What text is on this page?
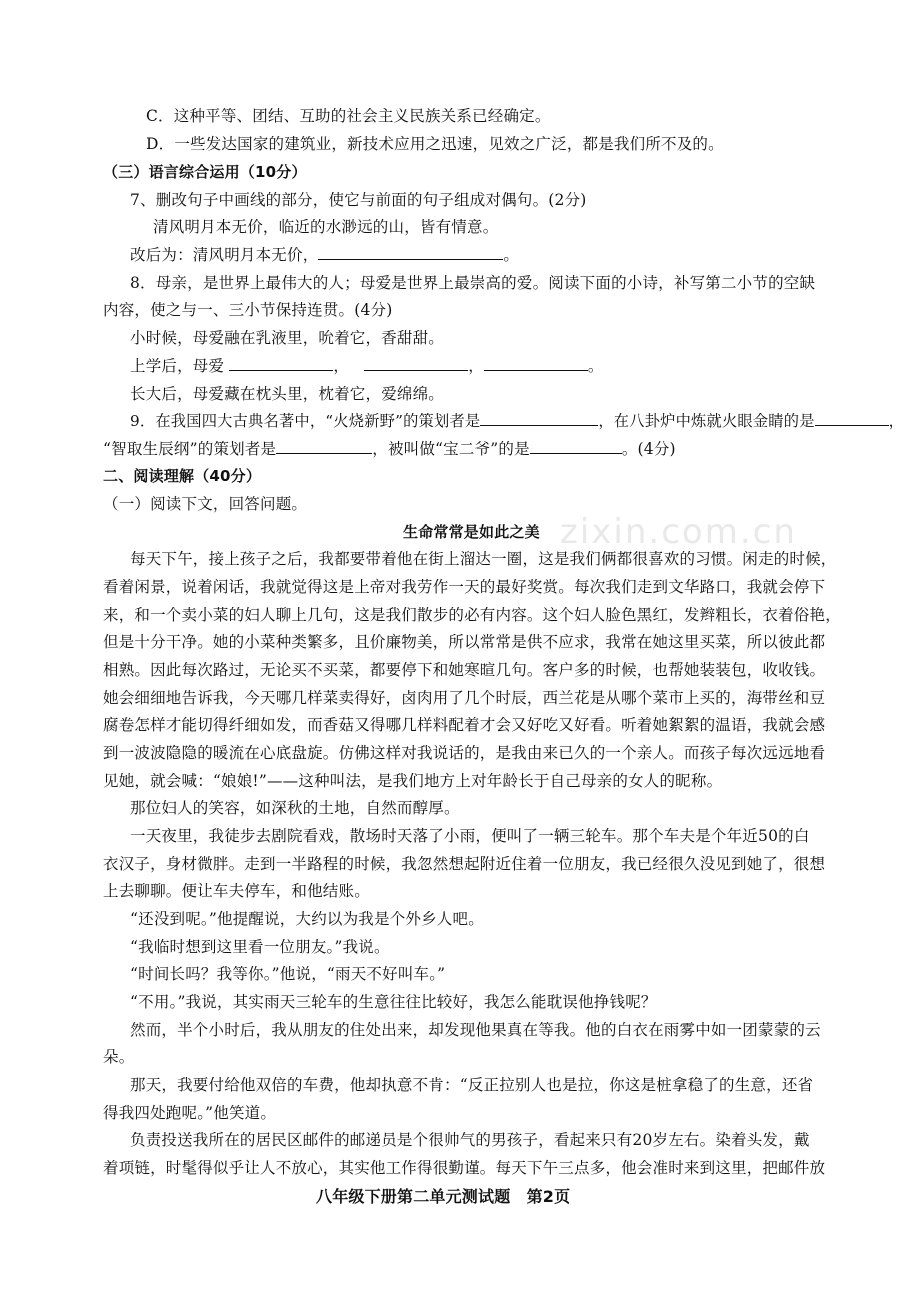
zixin.com.cn
C．这种平等、团结、互助的社会主义民族关系已经确定。
D．一些发达国家的建筑业，新技术应用之迅速，见效之广泛，都是我们所不及的。
（三）语言综合运用（10分）
7、删改句子中画线的部分，使它与前面的句子组成对偶句。(2分)
清风明月本无价，临近的水渺远的山，皆有情意。
改后为：清风明月本无价，	。
8．母亲，是世界上最伟大的人；母爱是世界上最崇高的爱。阅读下面的小诗，补写第二小节的空缺
内容，使之与一、三小节保持连贯。(4分)
小时候，母爱融在乳液里，吮着它，香甜甜。
上学后，母爱	，	，	。
长大后，母爱藏在枕头里，枕着它，爱绵绵。
9．在我国四大古典名著中，“火烧新野”的策划者是	，在八卦炉中炼就火眼金睛的是	，
“智取生辰纲”的策划者是	，被叫做“宝二爷”的是	。(4分)
二、阅读理解（40分）
（一）阅读下文，回答问题。
生命常常是如此之美
每天下午，接上孩子之后，我都要带着他在街上溜达一圈，这是我们俩都很喜欢的习惯。闲走的时候，
看着闲景，说着闲话，我就觉得这是上帝对我劳作一天的最好奖赏。每次我们走到文华路口，我就会停下
来，和一个卖小菜的妇人聊上几句，这是我们散步的必有内容。这个妇人脸色黑红，发辫粗长，衣着俗艳，
但是十分干净。她的小菜种类繁多，且价廉物美，所以常常是供不应求，我常在她这里买菜，所以彼此都
相熟。因此每次路过，无论买不买菜，都要停下和她寒暄几句。客户多的时候，也帮她装装包，收收钱。
她会细细地告诉我，今天哪几样菜卖得好，卤肉用了几个时辰，西兰花是从哪个菜市上买的，海带丝和豆
腐卷怎样才能切得纤细如发，而香菇又得哪几样料配着才会又好吃又好看。听着她絮絮的温语，我就会感
到一波波隐隐的暖流在心底盘旋。仿佛这样对我说话的，是我由来已久的一个亲人。而孩子每次远远地看
见她，就会喊：“娘娘!”——这种叫法，是我们地方上对年龄长于自己母亲的女人的昵称。
那位妇人的笑容，如深秋的土地，自然而醇厚。
一天夜里，我徒步去剧院看戏，散场时天落了小雨，便叫了一辆三轮车。那个车夫是个年近50的白
衣汉子，身材微胖。走到一半路程的时候，我忽然想起附近住着一位朋友，我已经很久没见到她了，很想
上去聊聊。便让车夫停车，和他结账。
“还没到呢。”他提醒说，大约以为我是个外乡人吧。
“我临时想到这里看一位朋友。”我说。
“时间长吗？我等你。”他说，“雨天不好叫车。”
“不用。”我说，其实雨天三轮车的生意往往比较好，我怎么能耽误他挣钱呢？
然而，半个小时后，我从朋友的住处出来，却发现他果真在等我。他的白衣在雨雾中如一团蒙蒙的云
朵。
那天，我要付给他双倍的车费，他却执意不肯：“反正拉别人也是拉，你这是桩拿稳了的生意，还省
得我四处跑呢。”他笑道。
负责投送我所在的居民区邮件的邮递员是个很帅气的男孩子，看起来只有20岁左右。染着头发，戴
着项链，时髦得似乎让人不放心，其实他工作得很勤谨。每天下午三点多，他会准时来到这里，把邮件放
八年级下册第二单元测试题　第2页
